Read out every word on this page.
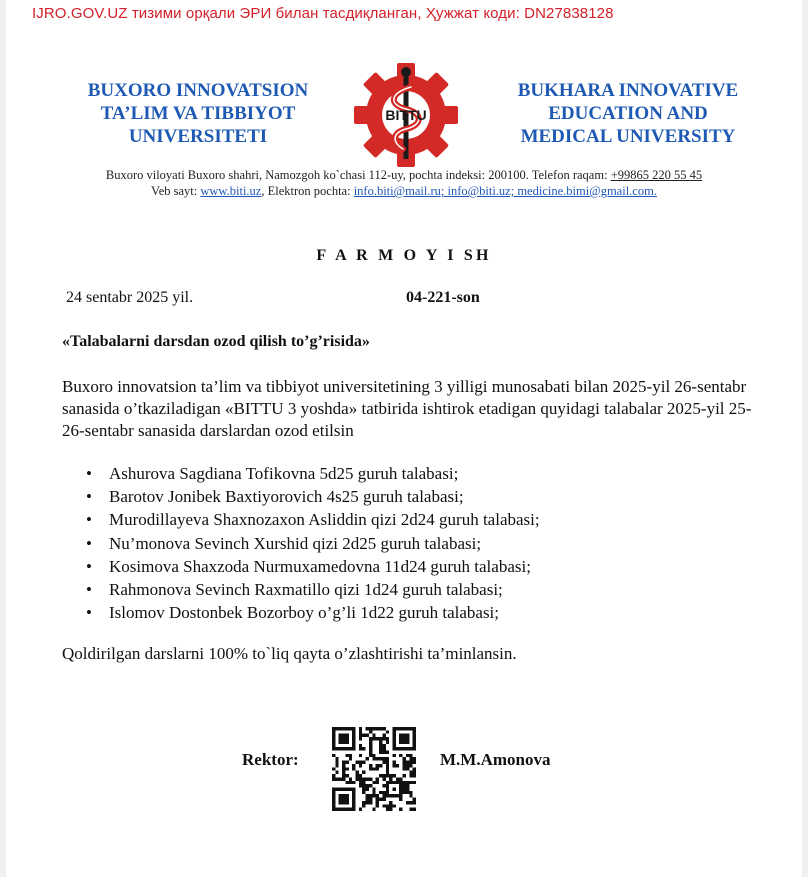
IJRO.GOV.UZ тизими орқали ЭРИ билан тасдиқланган, Ҳужжат коди: DN27838128
BUXORO INNOVATSION
TA’LIM VA TIBBIYOT
UNIVERSITETI
BITTU
BUKHARA INNOVATIVE
EDUCATION AND
MEDICAL UNIVERSITY
Buxoro viloyati Buxoro shahri, Namozgoh ko`chasi 112-uy, pochta indeksi: 200100. Telefon raqam: +99865 220 55 45
Veb sayt: www.biti.uz, Elektron pochta: info.biti@mail.ru; info@biti.uz; medicine.bimi@gmail.com.
F A R M O Y I SH
24 sentabr 2025 yil.	04-221-son
«Talabalarni darsdan ozod qilish to’g’risida»
Buxoro innovatsion ta’lim va tibbiyot universitetining 3 yilligi munosabati bilan 2025-yil 26-sentabr sanasida o’tkaziladigan «BITTU 3 yoshda» tatbirida ishtirok etadigan quyidagi talabalar 2025-yil 25-26-sentabr sanasida darslardan ozod etilsin
• Ashurova Sagdiana Tofikovna 5d25 guruh talabasi;
• Barotov Jonibek Baxtiyorovich 4s25 guruh talabasi;
• Murodillayeva Shaxnozaxon Asliddin qizi 2d24 guruh talabasi;
• Nu’monova Sevinch Xurshid qizi 2d25 guruh talabasi;
• Kosimova Shaxzoda Nurmuxamedovna 11d24 guruh talabasi;
• Rahmonova Sevinch Raxmatillo qizi 1d24 guruh talabasi;
• Islomov Dostonbek Bozorboy o’g’li 1d22 guruh talabasi;
Qoldirilgan darslarni 100% to`liq qayta o’zlashtirishi ta’minlansin.
Rektor:	M.M.Amonova
